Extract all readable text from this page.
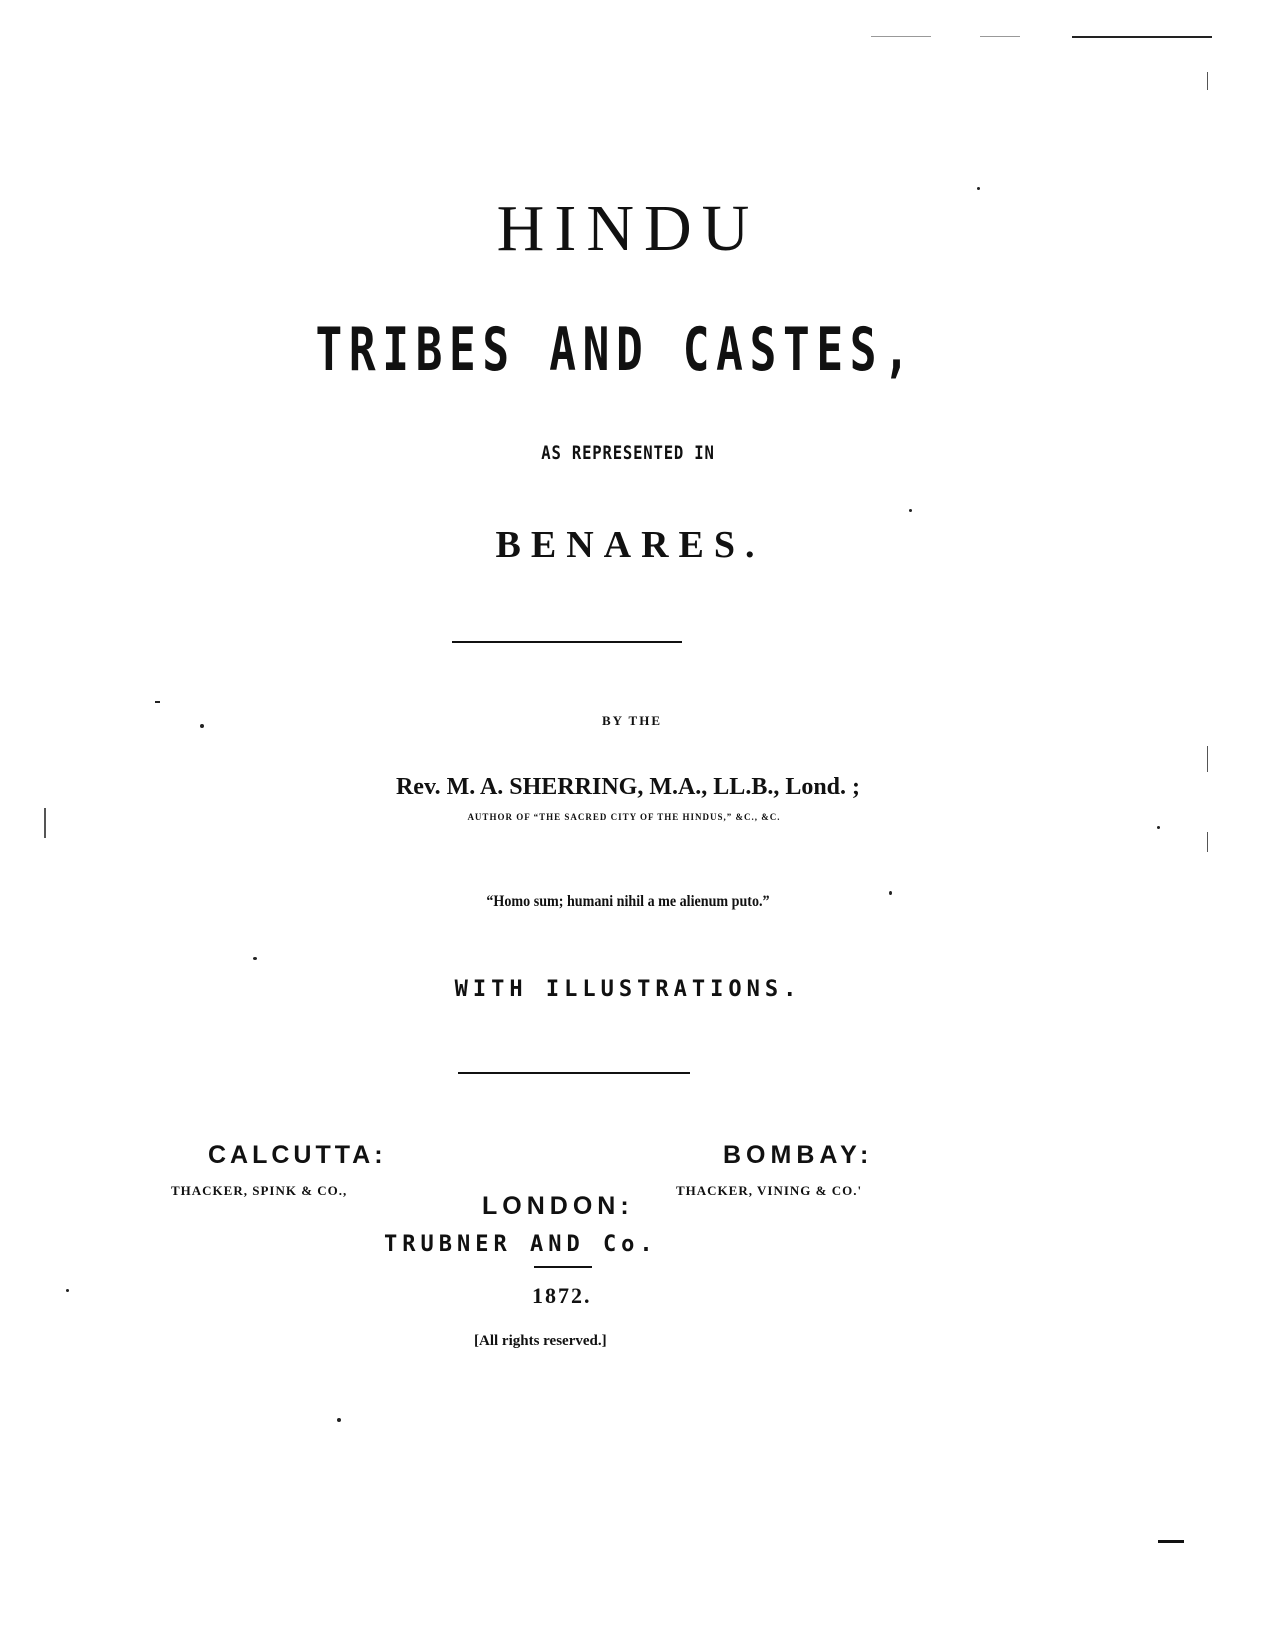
HINDU
TRIBES AND CASTES,
AS REPRESENTED IN
BENARES.
BY THE
Rev. M. A. SHERRING, M.A., LL.B., Lond. ;
AUTHOR OF “THE SACRED CITY OF THE HINDUS,” &C., &C.
“Homo sum; humani nihil a me alienum puto.”
WITH ILLUSTRATIONS.
CALCUTTA:	BOMBAY:
THACKER, SPINK & CO.,	THACKER, VINING & CO.'
LONDON:
TRUBNER AND Co.
1872.
[All rights reserved.]
